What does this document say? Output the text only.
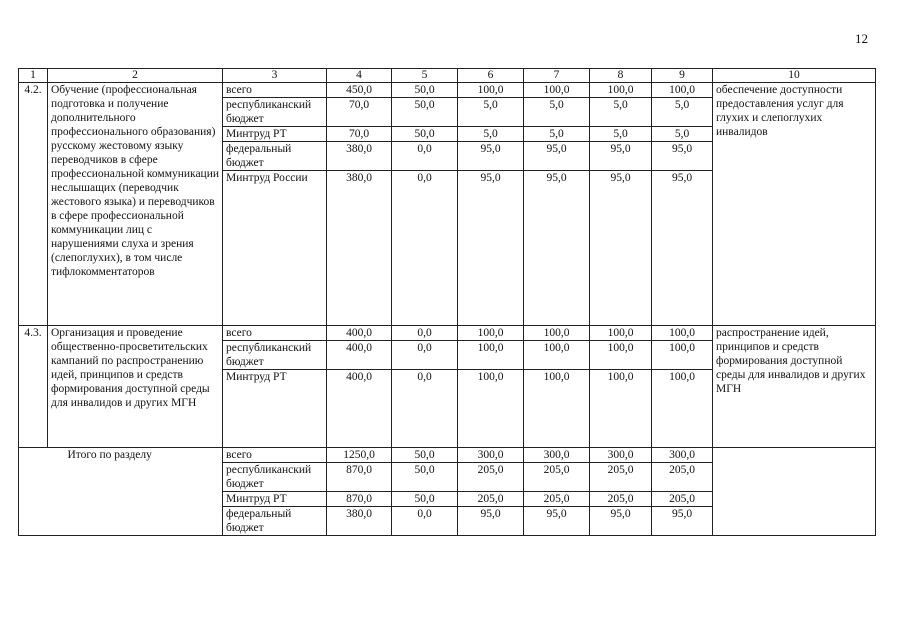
12
1	2	3	4	5	6	7	8	9	10
4.2.	Обучение (профессиональная подготовка и получение дополнительного профессионального образования) русскому жестовому языку переводчиков в сфере профессиональной коммуникации неслышащих (переводчик жестового языка) и переводчиков в сфере профессиональной коммуникации лиц с нарушениями слуха и зрения (слепоглухих), в том числе тифлокомментаторов	всего	450,0	50,0	100,0	100,0	100,0	100,0	обеспечение доступности предоставления услуг для глухих и слепоглухих инвалидов
		республиканский бюджет	70,0	50,0	5,0	5,0	5,0	5,0	
		Минтруд РТ	70,0	50,0	5,0	5,0	5,0	5,0	
		федеральный бюджет	380,0	0,0	95,0	95,0	95,0	95,0	
		Минтруд России	380,0	0,0	95,0	95,0	95,0	95,0	
4.3.	Организация и проведение общественно-просветительских кампаний по распространению идей, принципов и средств формирования доступной среды для инвалидов и других МГН	всего	400,0	0,0	100,0	100,0	100,0	100,0	распространение идей, принципов и средств формирования доступной среды для инвалидов и других МГН
		республиканский бюджет	400,0	0,0	100,0	100,0	100,0	100,0	
		Минтруд РТ	400,0	0,0	100,0	100,0	100,0	100,0	
	Итого по разделу	всего	1250,0	50,0	300,0	300,0	300,0	300,0	
		республиканский бюджет	870,0	50,0	205,0	205,0	205,0	205,0	
		Минтруд РТ	870,0	50,0	205,0	205,0	205,0	205,0	
		федеральный бюджет	380,0	0,0	95,0	95,0	95,0	95,0	
